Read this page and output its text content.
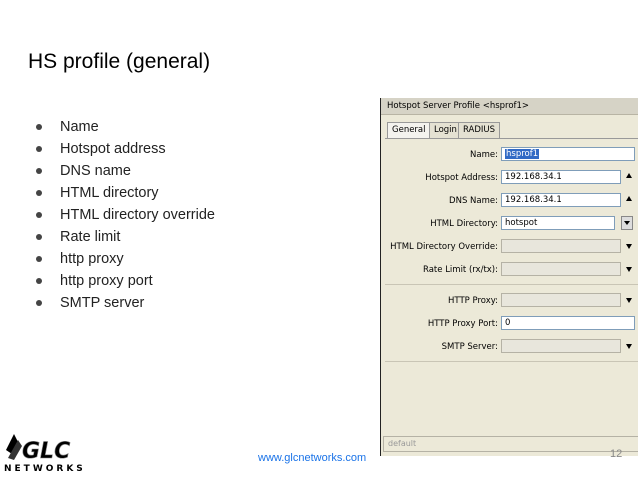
HS profile (general)
Name
Hotspot address
DNS name
HTML directory
HTML directory override
Rate limit
http proxy
http proxy port
SMTP server
Hotspot Server Profile <hsprof1>
General	Login RADIUS
Name: hsprof1
Hotspot Address: 192.168.34.1
DNS Name: 192.168.34.1
HTML Directory: hotspot
HTML Directory Override:
Rate Limit (rx/tx):
HTTP Proxy:
HTTP Proxy Port: 0
SMTP Server:
default
GLC
NETWORKS
www.glcnetworks.com	12
